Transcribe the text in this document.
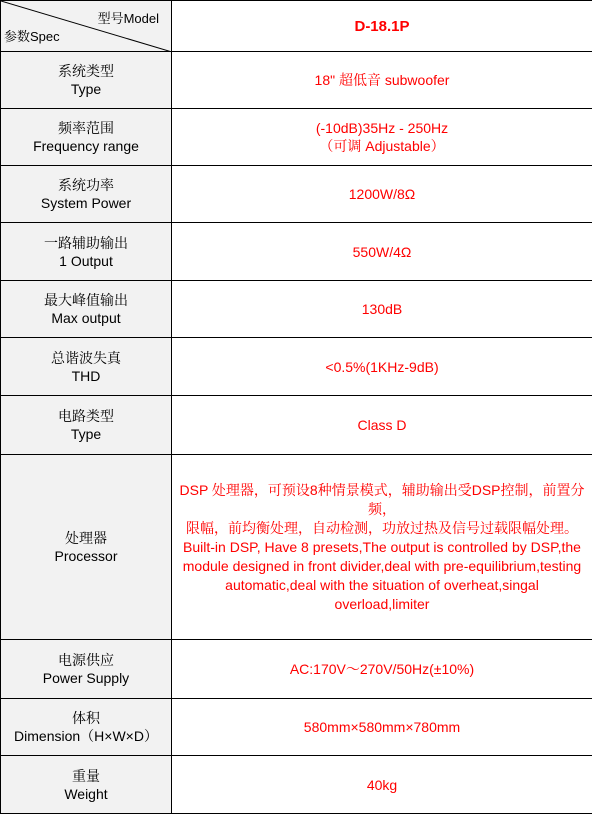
型号Model
参数Spec	D-18.1P

系统类型
Type	18" 超低音 subwoofer

频率范围
Frequency range	(-10dB)35Hz - 250Hz
（可调 Adjustable）

系统功率
System Power	1200W/8Ω

一路辅助输出
1 Output	550W/4Ω

最大峰值输出
Max output	130dB

总谐波失真
THD	<0.5%(1KHz-9dB)

电路类型
Type	Class D

处理器
Processor	DSP 处理器，可预设8种情景模式，辅助输出受DSP控制，前置分频，
限幅，前均衡处理，自动检测，功放过热及信号过载限幅处理。
Built-in DSP, Have 8 presets,The output is controlled by DSP,the module designed in front divider,deal with pre-equilibrium,testing automatic,deal with the situation of overheat,singal overload,limiter

电源供应
Power Supply	AC:170V～270V/50Hz(±10%)

体积
Dimension（H×W×D）	580mm×580mm×780mm

重量
Weight	40kg
